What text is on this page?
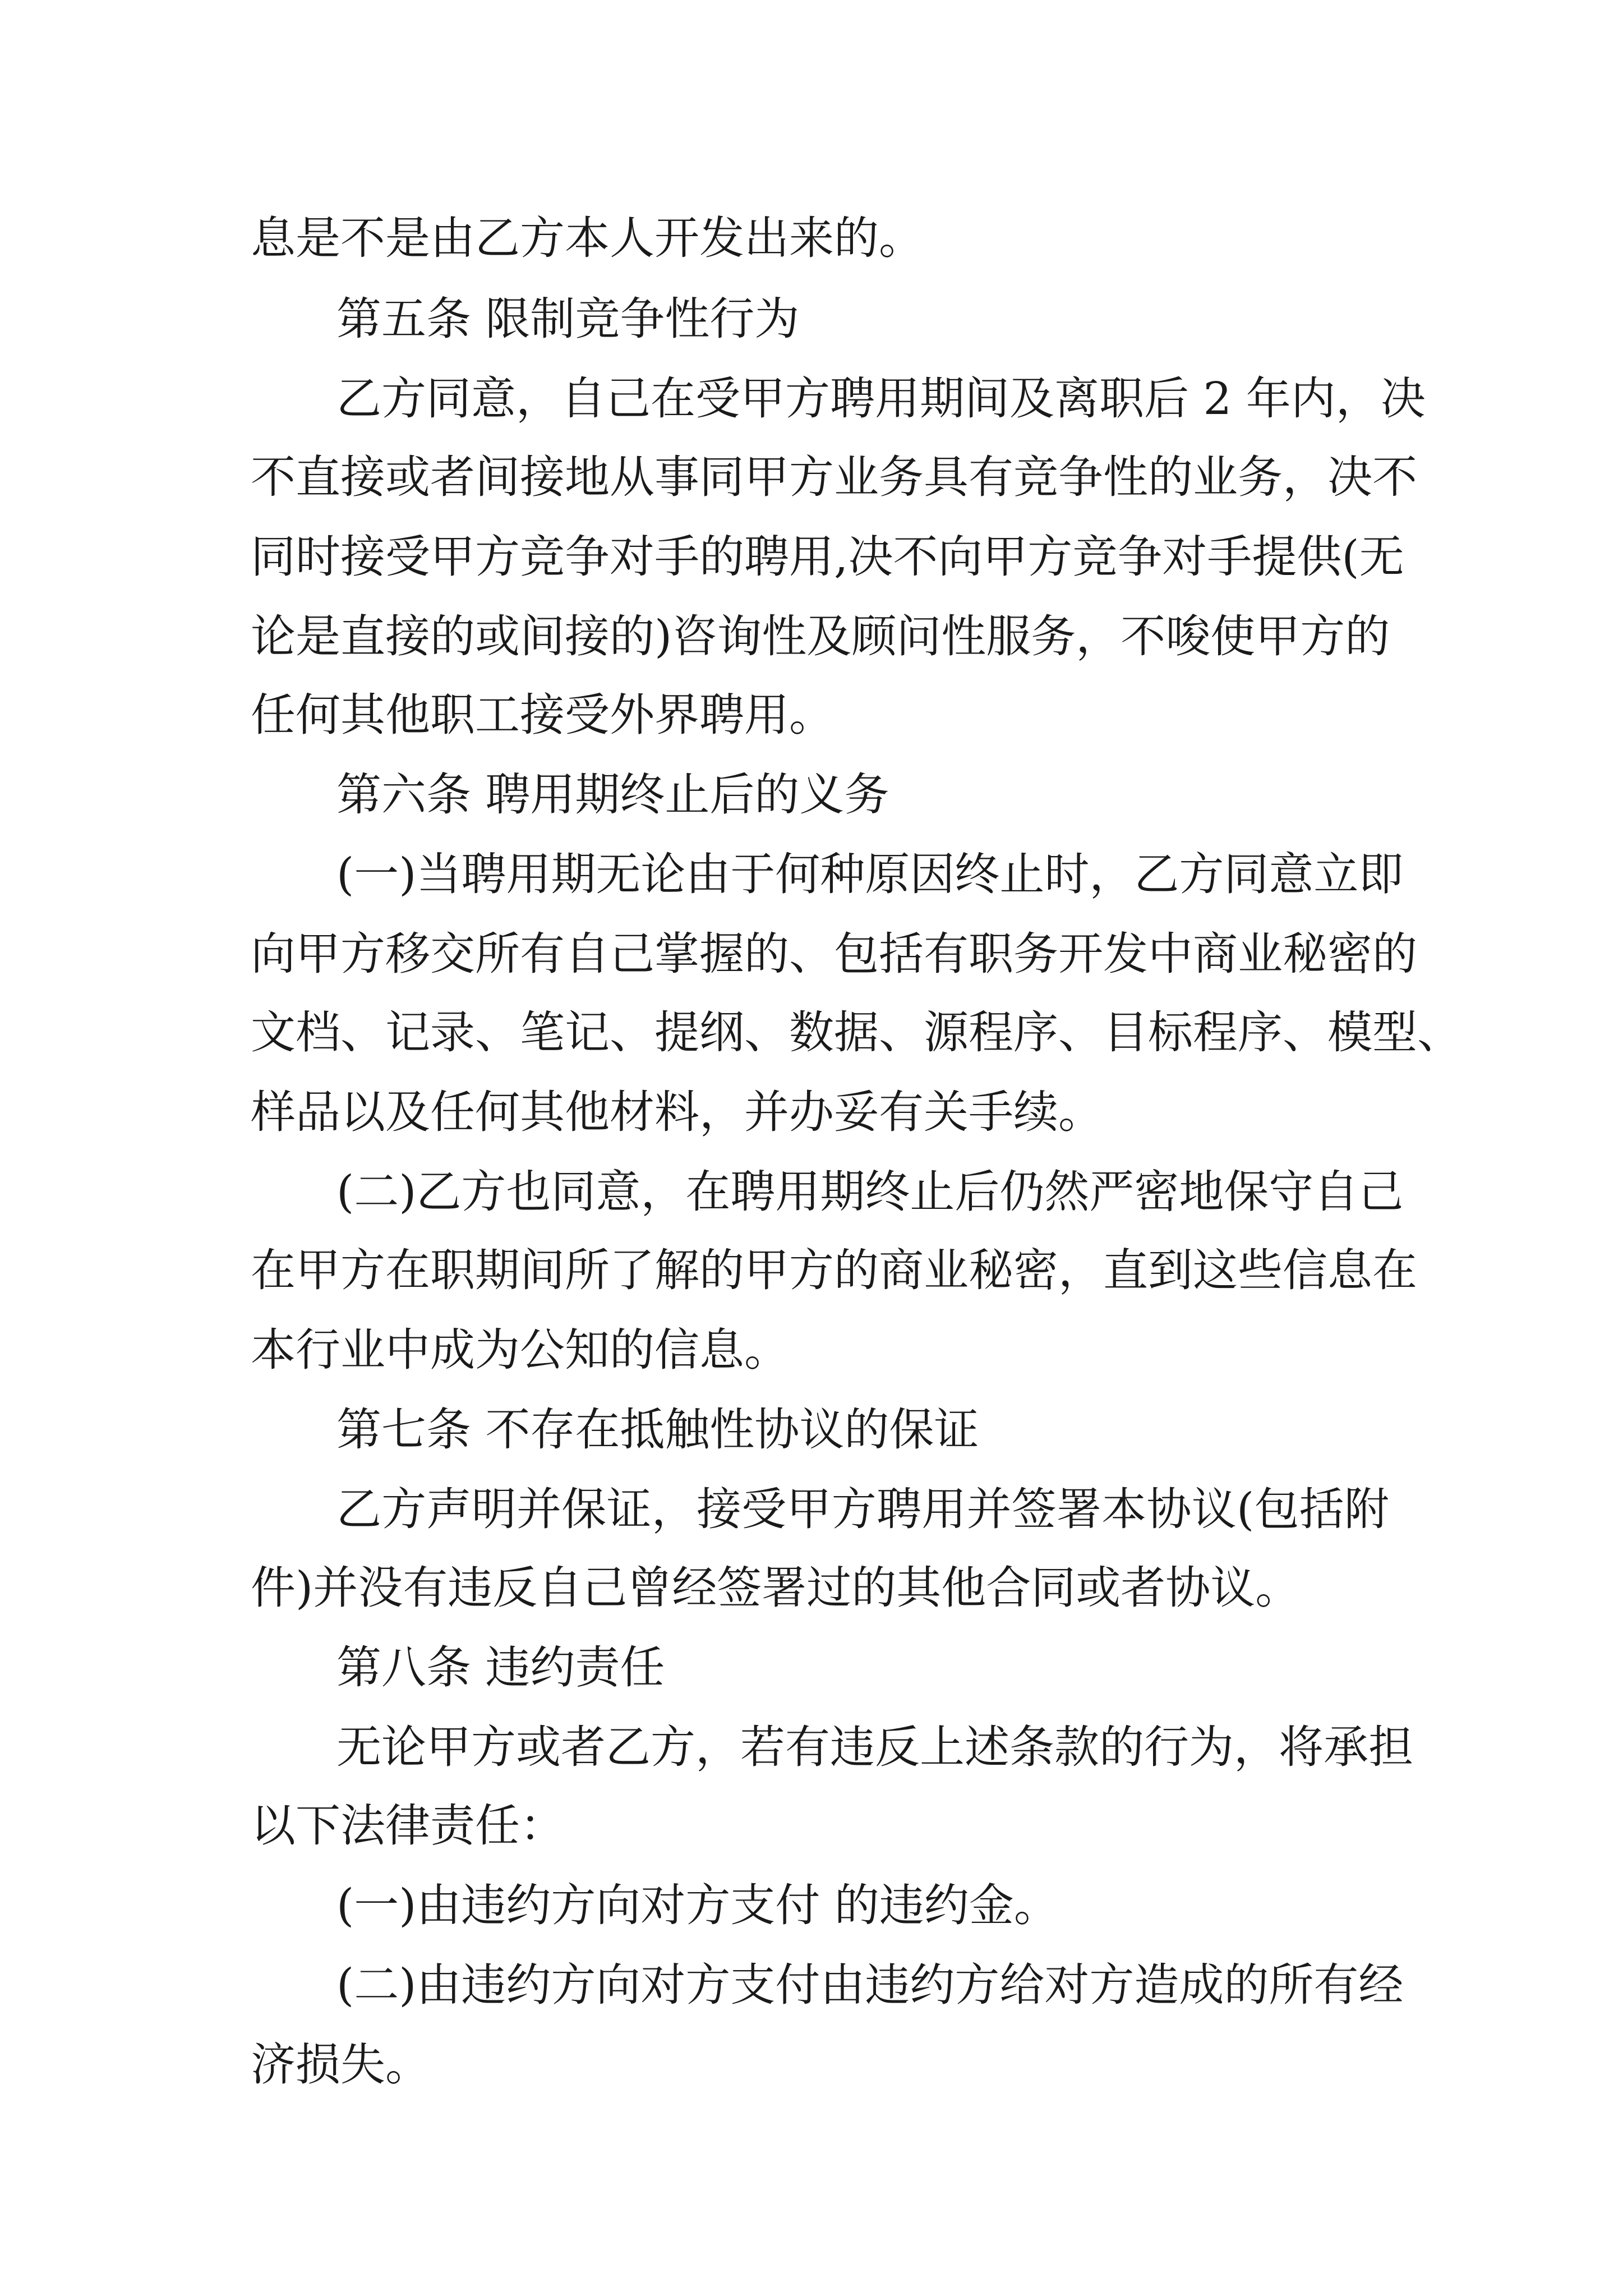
息是不是由乙方本人开发出来的。
第五条 限制竞争性行为
乙方同意，自己在受甲方聘用期间及离职后 2 年内，决
不直接或者间接地从事同甲方业务具有竞争性的业务，决不
同时接受甲方竞争对手的聘用,决不向甲方竞争对手提供(无
论是直接的或间接的)咨询性及顾问性服务，不唆使甲方的
任何其他职工接受外界聘用。
第六条 聘用期终止后的义务
(一)当聘用期无论由于何种原因终止时，乙方同意立即
向甲方移交所有自己掌握的、包括有职务开发中商业秘密的
文档、记录、笔记、提纲、数据、源程序、目标程序、模型、
样品以及任何其他材料，并办妥有关手续。
(二)乙方也同意，在聘用期终止后仍然严密地保守自己
在甲方在职期间所了解的甲方的商业秘密，直到这些信息在
本行业中成为公知的信息。
第七条 不存在抵触性协议的保证
乙方声明并保证，接受甲方聘用并签署本协议(包括附
件)并没有违反自己曾经签署过的其他合同或者协议。
第八条 违约责任
无论甲方或者乙方，若有违反上述条款的行为，将承担
以下法律责任：
(一)由违约方向对方支付 的违约金。
(二)由违约方向对方支付由违约方给对方造成的所有经
济损失。
